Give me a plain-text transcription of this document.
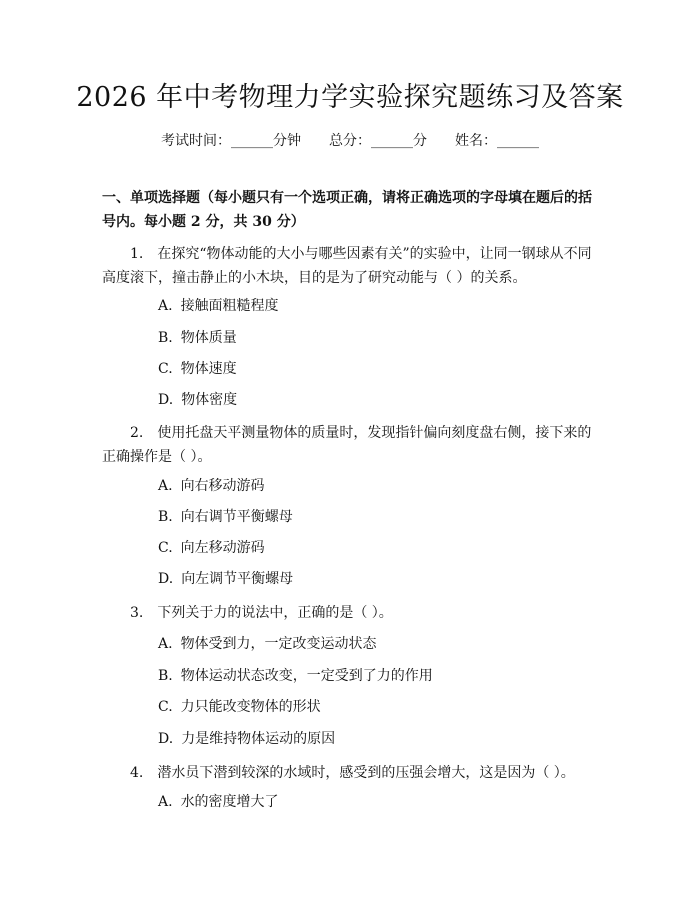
2026 年中考物理力学实验探究题练习及答案
考试时间：______分钟 总分：______分 姓名：______

一、单项选择题（每小题只有一个选项正确，请将正确选项的字母填在题后的括号内。每小题 2 分，共 30 分）

1. 在探究“物体动能的大小与哪些因素有关”的实验中，让同一钢球从不同高度滚下，撞击静止的小木块，目的是为了研究动能与（ ）的关系。

A. 接触面粗糙程度
B. 物体质量
C. 物体速度
D. 物体密度

2. 使用托盘天平测量物体的质量时，发现指针偏向刻度盘右侧，接下来的正确操作是（ ）。

A. 向右移动游码
B. 向右调节平衡螺母
C. 向左移动游码
D. 向左调节平衡螺母

3. 下列关于力的说法中，正确的是（ ）。

A. 物体受到力，一定改变运动状态
B. 物体运动状态改变，一定受到了力的作用
C. 力只能改变物体的形状
D. 力是维持物体运动的原因

4. 潜水员下潜到较深的水域时，感受到的压强会增大，这是因为（ ）。

A. 水的密度增大了
